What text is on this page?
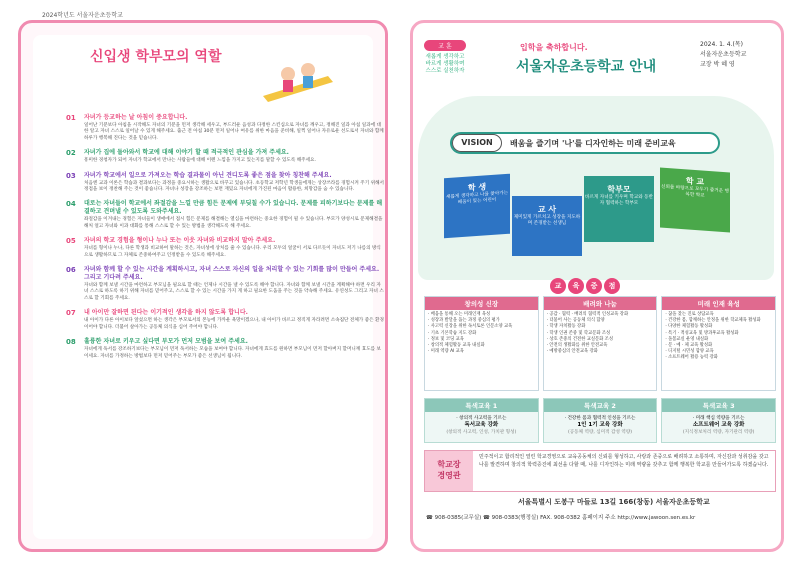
2024학년도 서울자운초등학교
신입생 학부모의 역할
01	자녀가 등교하는 날 아침이 중요합니다.
일어난 기분보다 아침을 시작해도 자녀의 기분을 먼저 생각해 세우고, 부드러운 음성과 다정한 스킨십으로 자녀를 깨우고, 정해진 일과 아침 일과에 대한 알고 자녀 스스로 일어날 수 있게 해주세요. 출근 전 아침 30분 먼저 일어나 여유를 위한 마음을 준비해, 일찍 일어나 자유로운 선도로서 자녀와 함께 하루가 행복해 진다는 것을 믿습니다.
02	자녀가 집에 돌아와서 학교에 대해 이야기 할 때 적극적인 관심을 가져 주세요.
흥미한 경청자가 되어 자녀가 학교에서 만나는 사람들에 대해 이렌 느낌을 가지고 있는지를 말할 수 있도록 해주세요.
03	자녀가 학교에서 일으로 가져오는 학습 결과물이 아닌 견디도록 좋은 점을 찾아 칭찬해 주세요.
처음엔 교과 이론은 학습과 결과보다는 과정을 중요시하는 생활으로 바꾸고 있습니다. 초등학교 저학년 학생들에게는 상장쓰라를 경험시켜 주기 위해서 정점을 보이 정찬해 주는 것이 좋습니다. 자녀나 성장을 강조하는 보면 재밌요 자녀에게 가진된 마음이 활용한, 희망감을 숨 수 있습니다.
04	대로는 자녀들이 학교에서 좌절감을 느낄 만큼 힘든 문제에 부딪칠 수가 있습니다. 문제를 피하기보다는 문제를 해결하고 견뎌낼 수 있도록 도와주세요.
좌절감을 이겨내는 경험은 자녀들이 생애에서 접시 힘든 문제를 해결해는 열심을 마련하는 중요한 경험이 될 수 있습니다. 부모가 양성시로 문제해결을 해처 얼고 자녀와 이과 대화를 통해 스스로 할 수 있는 방법을 생각해도록 해 주세요.
05	자녀의 학교 경험을 형이나 누나 또는 이웃 자녀와 비교하지 말아 주세요.
자녀를 형이나 누나, 다른 학생과 비교하여 말하는 것은, 자녀성에 상처를 줄 수 있습니다. 우리 모두의 얼굴이 서로 다르듯이 자녀도 저기 나름의 방식으로 생활하므로 그 자체로 존중하여주고 인정받을 수 있도록 해주세요.
06	자녀와 함께 할 수 있는 시간을 계획하시고, 자녀 스스로 자신의 일을 처리할 수 있는 기회를 많이 만들어 주세요. 그리고 기다려 주세요.
자녀와 함께 보낼 시간을 마련하고 부모님을 필요로 할 때는 언제나 시간을 낼 수 있도록 해야 합니다. 자녀와 함께 보낼 시간을 계획해야 하면 우리 자녀 스스로 하도록 하기 위해 자녀를 믿어주고, 스스로 할 수 있는 시간을 가지 게 하고 필요한 도움을 주는 것을 약속해 주세요. 유연성도 그리고 자녀 스스로 할 기회를 주세요.
07	내 아이만 잘하면 된다는 이기적인 생각을 하지 않도록 합니다.
내 아이가 다른 아이보다 앞섰으면 하는 생각은 부모로서의 본능에 가까운 욕망이겠으나, 내 아이가 바르고 정직게 자라려면 소속집단 전체가 좋은 환경이어야 합니다. 더불어 살아가는 공동체 의식을 심어 주어야 합니다.
08	훌륭한 자녀로 키우고 싶다면 부모가 먼저 모범을 보여 주세요.
자녀에게 독서를 강조하기보다는 부모님이 먼저 독서하는 모습을 보여야 합니다. 자녀에게 효도를 원하면 부모님이 먼저 할아버지 할머니께 효도를 보이세요. 자녀를 가정하는 방법보다 먼저 믿어주는 부모가 좋은 선생님이 됩니다.
교 훈
새롭게 생각하고
바르게 생활하며
스스로 실천하자
입학을 축하합니다.
서울자운초등학교 안내
2024. 1. 4.(목)
서울자운초등학교
교장 박 혜 영
VISION	배움을 즐기며 '나'를 디자인하는 미래 준비교육
학 생
새롭게 생각하고 나를 찾아가는 배움이 있는 어린이
교 사
제미있게 가르치고 성장을 지도하며 존경받는 선생님
학부모
바르게 자녀를 키우며 학교와 동반자 협력하는 학부모
학 교
신뢰를 바탕으로 모두가 즐거운 행복한 학교
교	육	중	점
창의성 신장
· 배움을 통해 오는 미래인재 육성
· 성장과 발달을 돕는 과정 중심의 평가
· 사고력 신장을 위한 독서토론 인문소양 교육
· 기초 기본학습 지도 강화
· 정보 및 코딩 교육
· 창의적 체험활동 교육 내실화
· 미래 역량 AI 교육
배려와 나눔
· 공감 · 협력 · 배려의 협력적 인성교육 강화
· 더불어 사는 공동체 의식 함양
· 학생 자치활동 강화
· 학생 인권 존중 및 학교문화 조성
· 상호 존중의 건전한 교실문화 조성
· 안전의 생활화를 위한 안전교육
· 예방중심의 안전교육 강화
미래 인재 육성
· 꿈을 찾는 진로 상담교육
· 건강한 몸, 함께하는 안정을 위한 학교체육 활성화
· 다양한 체험활동 활성화
· 특기 · 적성교육 및 방과후교육 활성화
· 돌봄교실 운영 내실화
· 문 · 예 · 체 교육 활성화
· 디지털 시민성 함양 교육
· 소프트웨어 활용 능력 강화
특색교육 1
· 창의적 사고력을 기르는
독서교육 강화
(창의적 사고력, 인성, 가치관 형성)
특색교육 2
· 건강한 몸과 협력적 인성을 기르는
1인 1기 교육 강화
(공동체 역량, 심미적 감성 역량)
특색교육 3
· 미래 핵심 역량을 기르는
소프트웨어 교육 강화
(지식정보처리 역량, 자기관리 역량)
학교장
경영관
민주적이고 합리적인 열린 학교경영으로 교육공동체의 신뢰를 형성하고, 사랑과 존중으로 배려하고 소통하며, 자신감과 성취감을 갖고 나를 발견하며 창의적 학력증진에 최선을 다할 때, 나를 디자인하는 미래 역량을 갖추고 함께 행복한 학교를 만들어가도록 하겠습니다.
서울특별시 도봉구 마들로 13길 166(창동) 서울자운초등학교
☎ 908-0385(교무실) ☎ 908-0383(행정실) FAX. 908-0382 홈페이지 주소 http://www.jawoon.sen.es.kr
